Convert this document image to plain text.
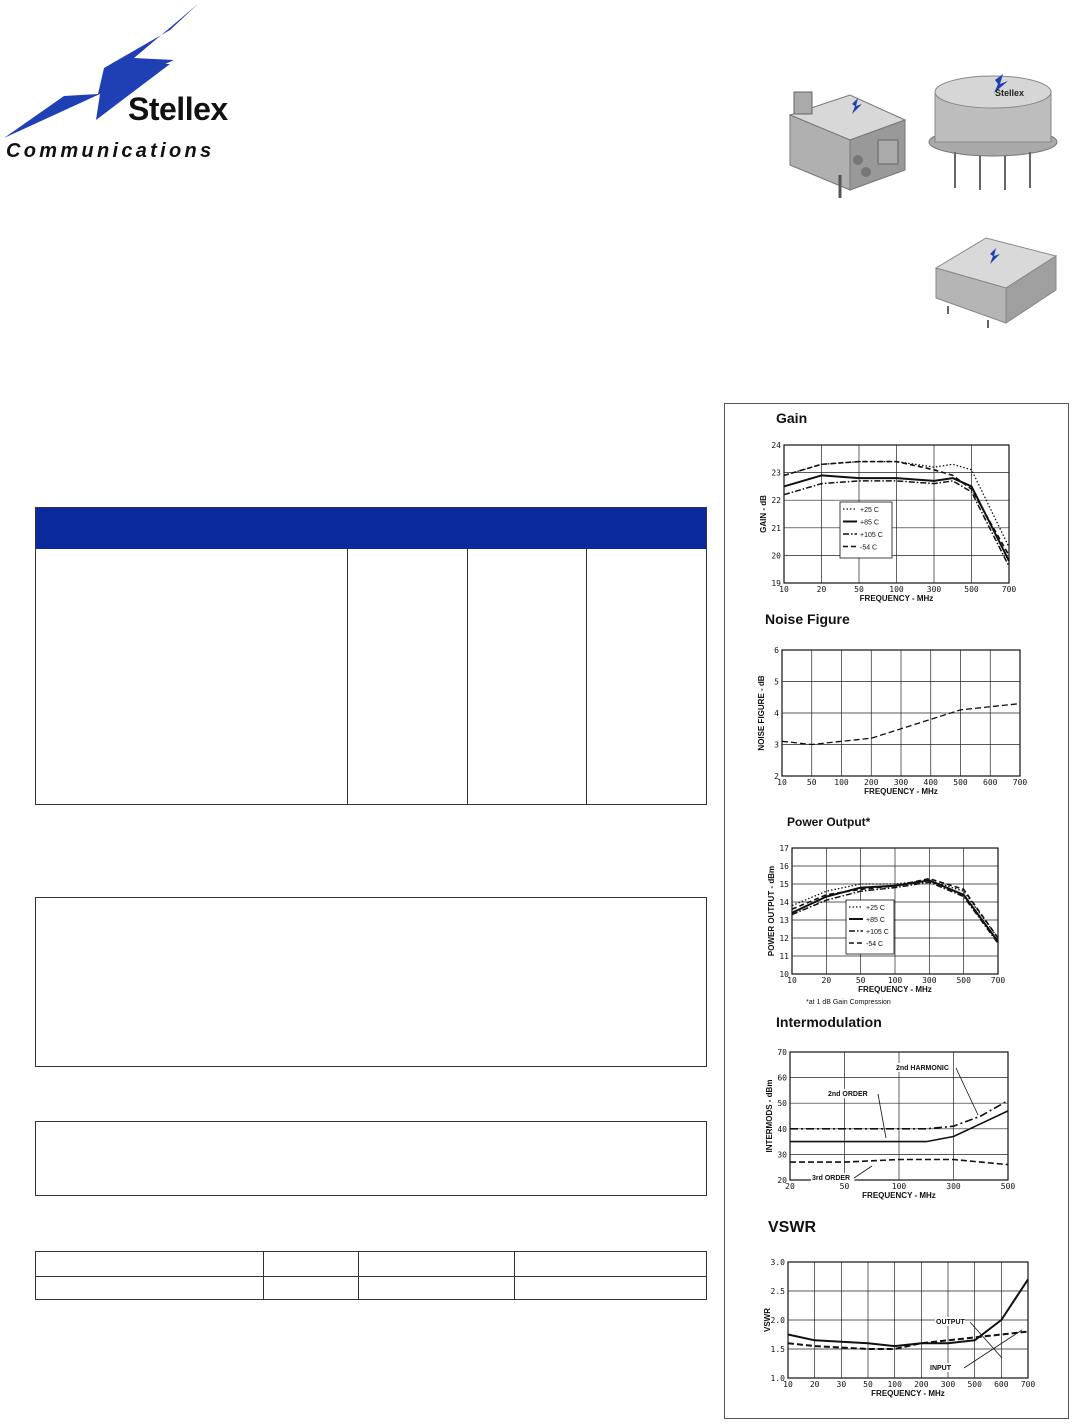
Stellex
Communications
Stellex
Gain
10	20	50	100	300	500	700
19
20
21
22
23
24
FREQUENCY - MHz
GAIN - dB	+25 C
+85 C
+105 C
-54 C
Noise Figure
10	50 100 200 300 400 500 600 700
2
3
4
5
6
FREQUENCY - MHz
NOISE FIGURE - dB
Power Output*
10	20	50	100 300 500 700
10
11
12
13
14
15
16
17
FREQUENCY - MHz
POWER OUTPUT - dBm	+25 C
+85 C
+105 C
-54 C
*at 1 dB Gain Compression
Intermodulation
20	50	100	300	500
20
30
40
50
60
70
FREQUENCY - MHz
INTERMODS - dBm
2nd HARMONIC
2nd ORDER
3rd ORDER
VSWR
10 20 30 50 100 200 300 500 600 700
1.0
1.5
2.0
2.5
3.0
FREQUENCY - MHz
VSWR	OUTPUT
INPUT
